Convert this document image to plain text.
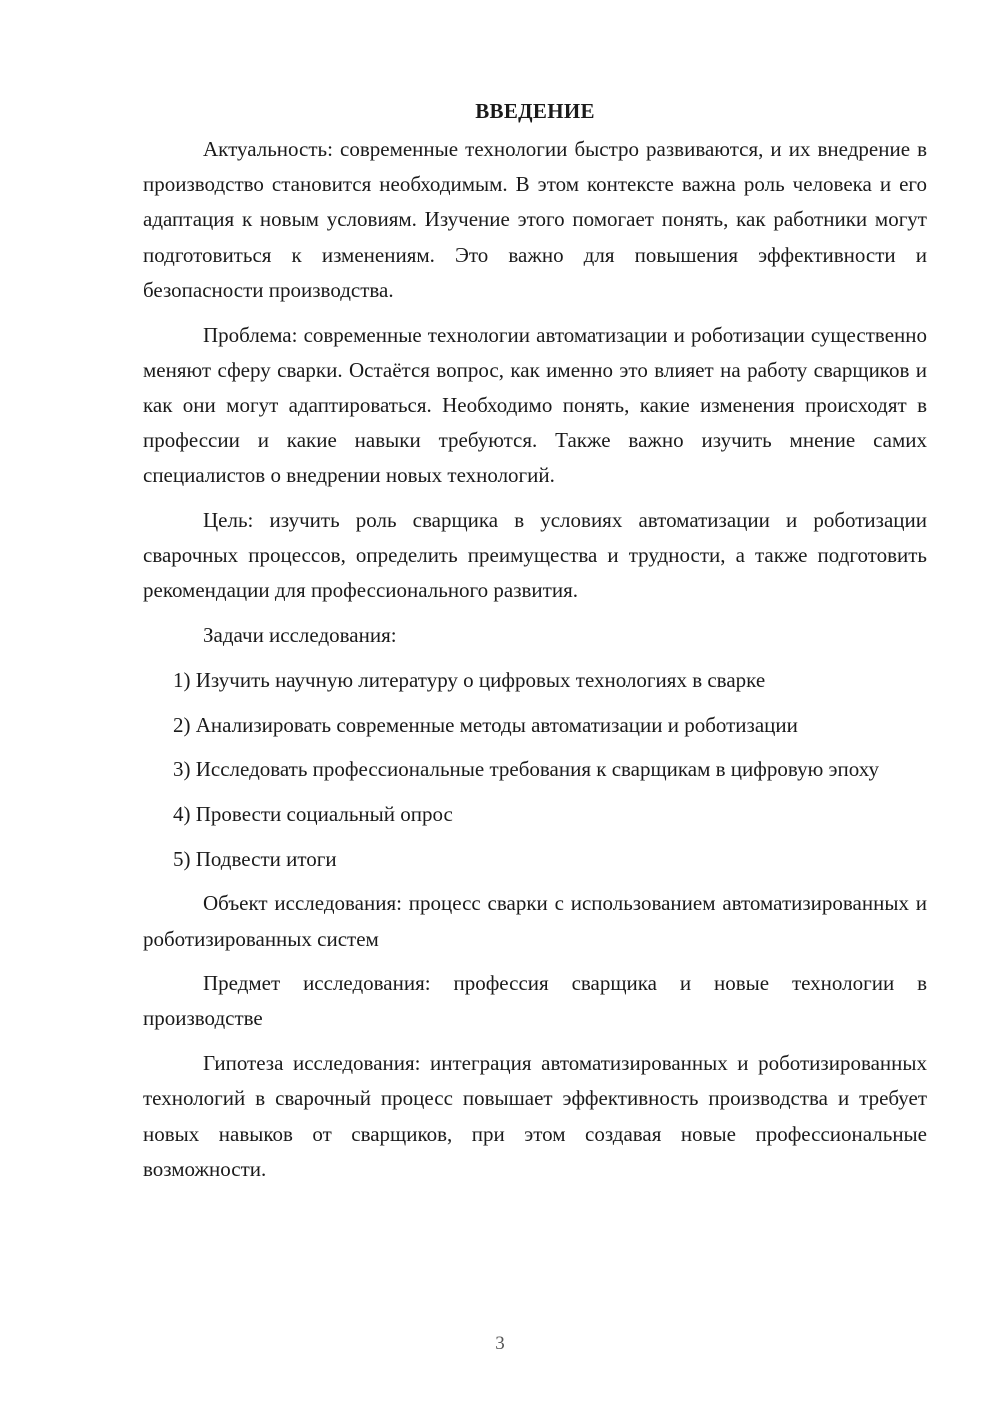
ВВЕДЕНИЕ

Актуальность: современные технологии быстро развиваются, и их внедрение в производство становится необходимым. В этом контексте важна роль человека и его адаптация к новым условиям. Изучение этого помогает понять, как работники могут подготовиться к изменениям. Это важно для повышения эффективности и безопасности производства.

Проблема: современные технологии автоматизации и роботизации существенно меняют сферу сварки. Остаётся вопрос, как именно это влияет на работу сварщиков и как они могут адаптироваться. Необходимо понять, какие изменения происходят в профессии и какие навыки требуются. Также важно изучить мнение самих специалистов о внедрении новых технологий.

Цель: изучить роль сварщика в условиях автоматизации и роботизации сварочных процессов, определить преимущества и трудности, а также подготовить рекомендации для профессионального развития.

Задачи исследования:

1) Изучить научную литературу о цифровых технологиях в сварке

2) Анализировать современные методы автоматизации и роботизации

3) Исследовать профессиональные требования к сварщикам в цифровую эпоху

4) Провести социальный опрос

5) Подвести итоги

Объект исследования: процесс сварки с использованием автоматизированных и роботизированных систем

Предмет исследования: профессия сварщика и новые технологии в производстве

Гипотеза исследования: интеграция автоматизированных и роботизированных технологий в сварочный процесс повышает эффективность производства и требует новых навыков от сварщиков, при этом создавая новые профессиональные возможности.

3
